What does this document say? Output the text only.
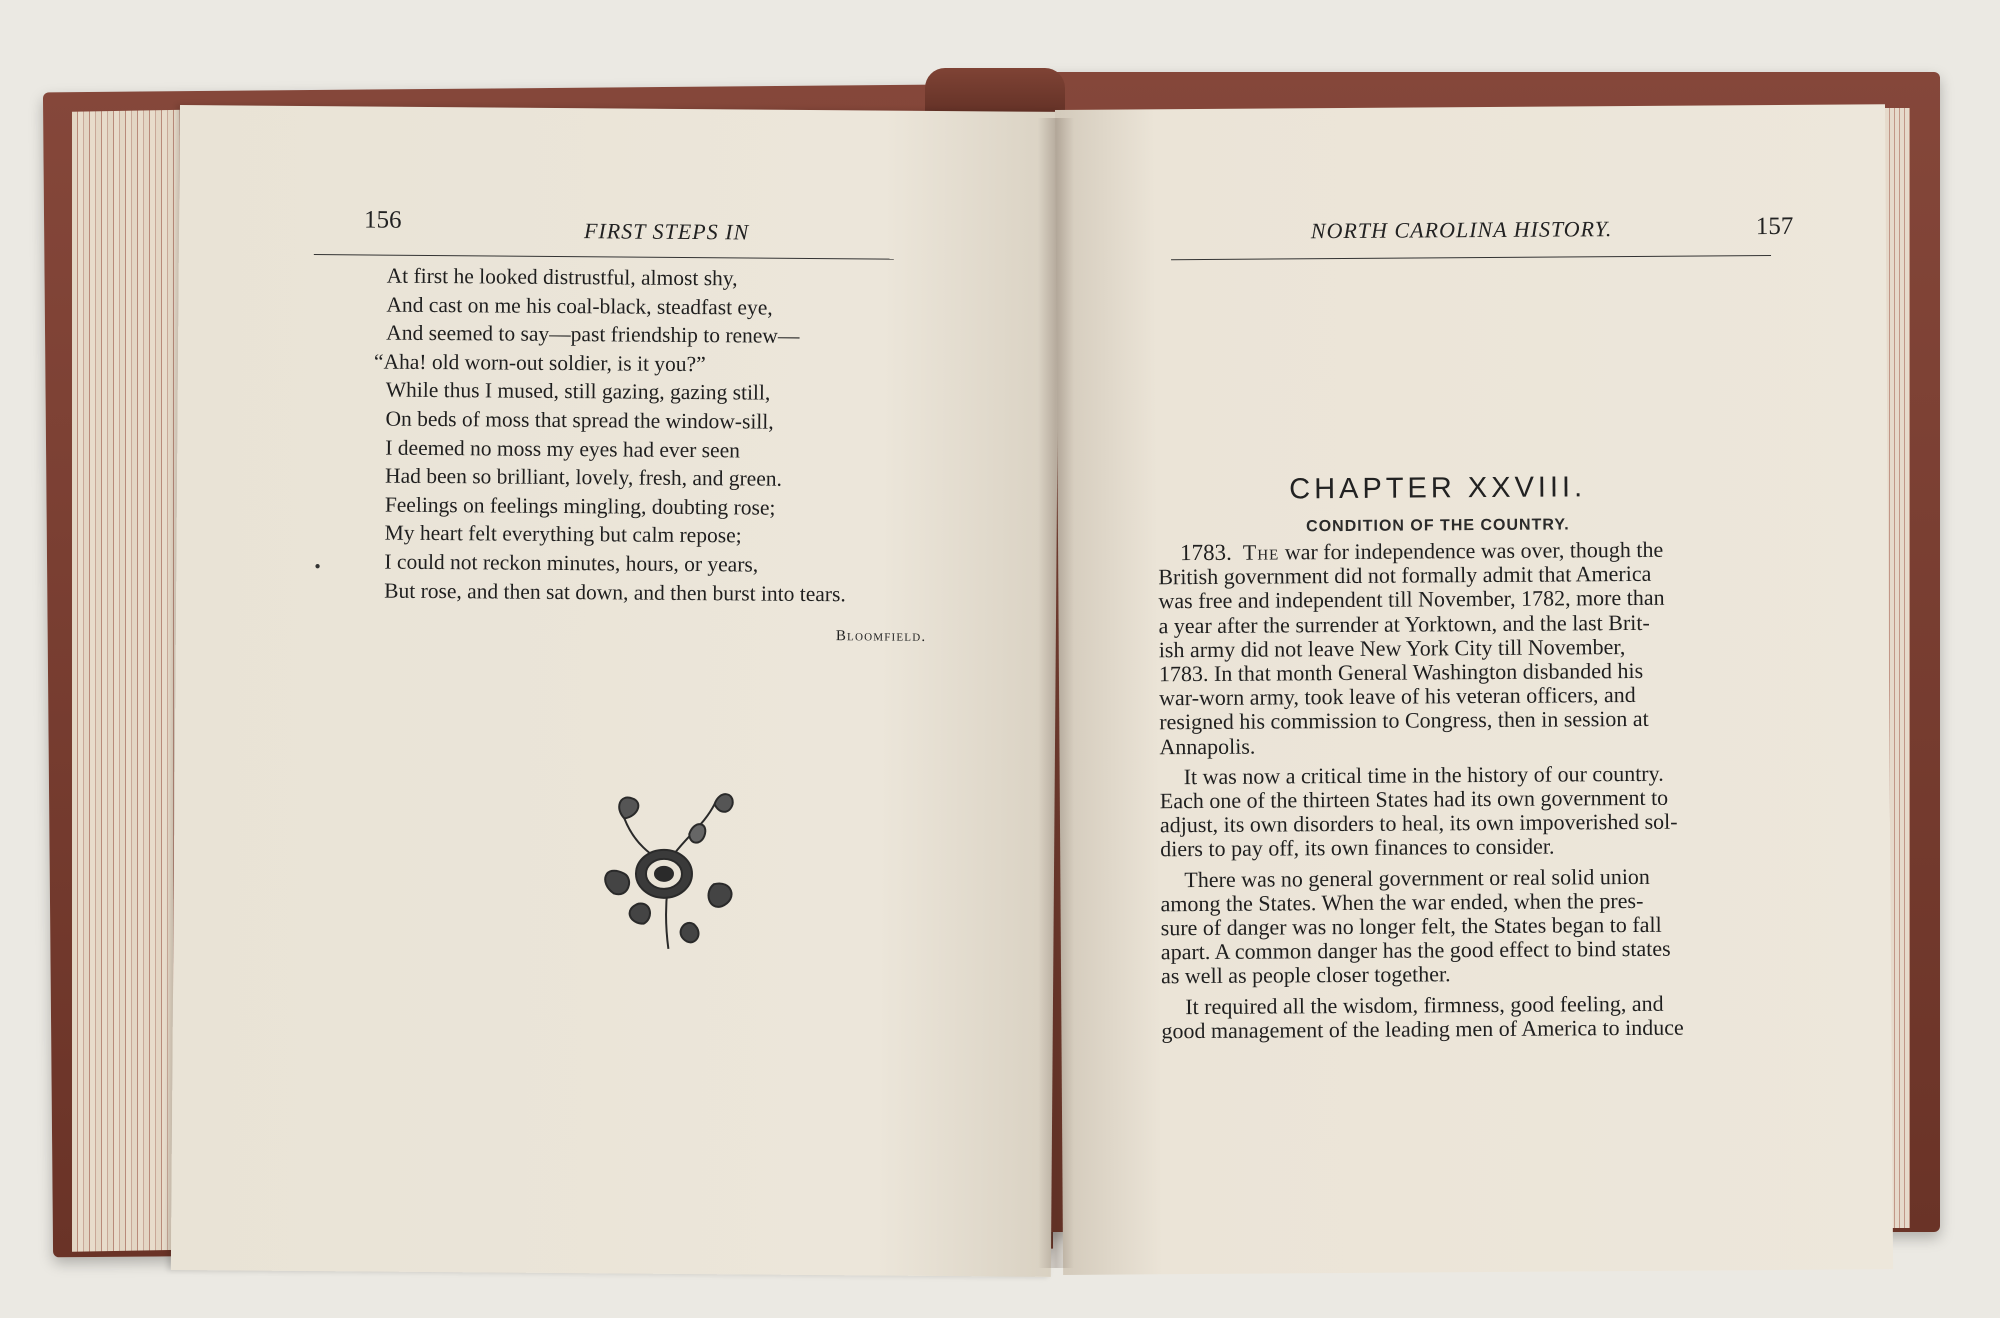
156	FIRST STEPS IN
At first he looked distrustful, almost shy,
And cast on me his coal-black, steadfast eye,
And seemed to say—past friendship to renew—
“Aha! old worn-out soldier, is it you?”
While thus I mused, still gazing, gazing still,
On beds of moss that spread the window-sill,
I deemed no moss my eyes had ever seen
Had been so brilliant, lovely, fresh, and green.
Feelings on feelings mingling, doubting rose;
My heart felt everything but calm repose;
I could not reckon minutes, hours, or years,
But rose, and then sat down, and then burst into tears.
•
Bloomfield.
NORTH CAROLINA HISTORY.	157
CHAPTER XXVIII.
CONDITION OF THE COUNTRY.
1783. The war for independence was over, though the
British government did not formally admit that America
was free and independent till November, 1782, more than
a year after the surrender at Yorktown, and the last Brit-
ish army did not leave New York City till November,
1783. In that month General Washington disbanded his
war-worn army, took leave of his veteran officers, and
resigned his commission to Congress, then in session at
Annapolis.
It was now a critical time in the history of our country.
Each one of the thirteen States had its own government to
adjust, its own disorders to heal, its own impoverished sol-
diers to pay off, its own finances to consider.
There was no general government or real solid union
among the States. When the war ended, when the pres-
sure of danger was no longer felt, the States began to fall
apart. A common danger has the good effect to bind states
as well as people closer together.
It required all the wisdom, firmness, good feeling, and
good management of the leading men of America to induce
